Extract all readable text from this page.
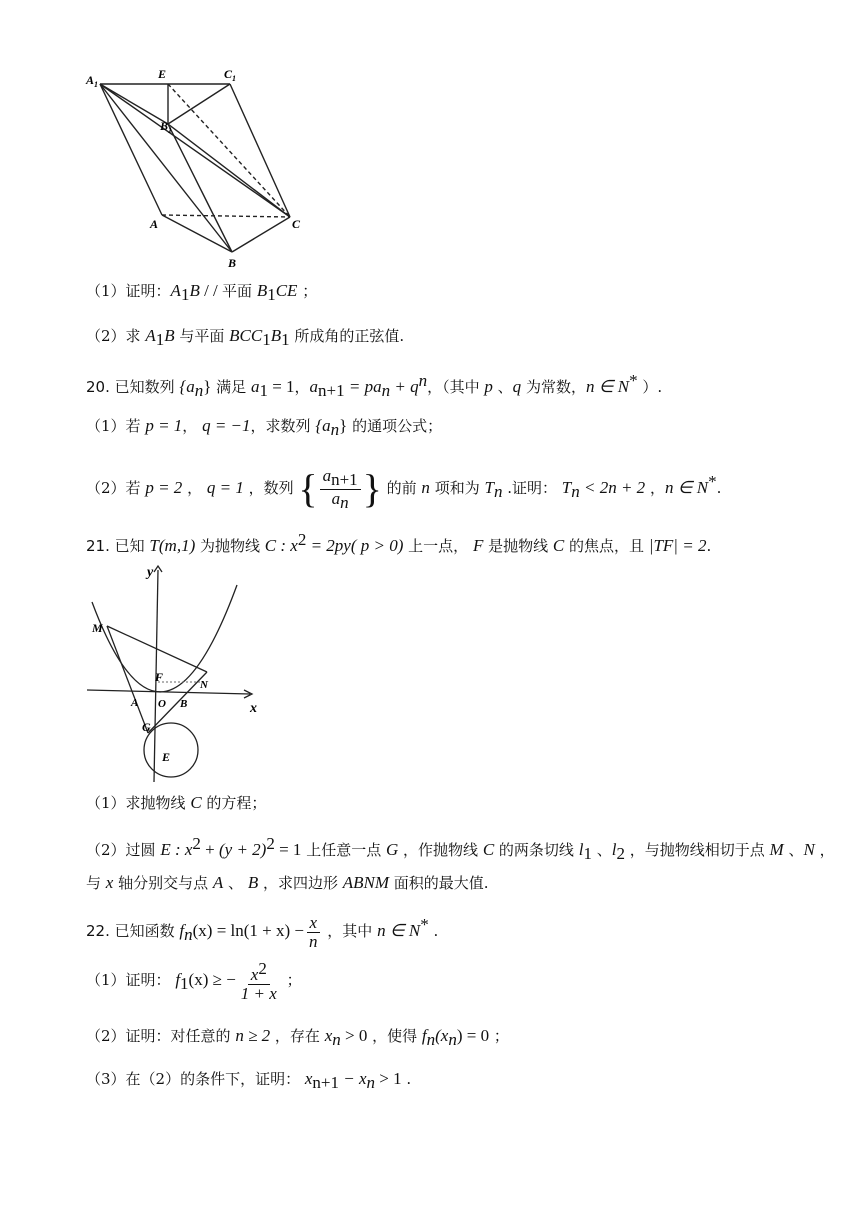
$A_1$
E	$C_1$
$B_1$
A	C
B
（1）证明：$A_1B$ / / 平面 $B_1CE$ ；
（2）求 $A_1B$ 与平面 $BCC_1B_1$ 所成角的正弦值.
20. 已知数列 $\{a_n\}$ 满足 $a_1 = 1$，$a_{n+1} = pa_n + q^n$，（其中 p 、q 为常数，n ∈ N* ）.
（1）若 p = 1， q = −1，求数列 $\{a_n\}$ 的通项公式；
（2）若 p = 2 ， q = 1 ，数列 { $\frac{a_{n+1}}{a_n}$ } 的前 n 项和为 $T_n$ .证明： $T_n < 2n + 2$ ，n ∈ N*.
21. 已知 T(m,1) 为抛物线 C : $x^2 = 2py$( p > 0) 上一点， F 是抛物线 C 的焦点，且 |TF| = 2.
y
x
M
F
N
A O B
G
E
（1）求抛物线 C 的方程；
（2）过圆 E : $x^2 + (y + 2)^2 = 1$ 上任意一点 G ，作抛物线 C 的两条切线 $l_1$ 、$l_2$ ，与抛物线相切于点 M 、N ，
与 x 轴分别交与点 A 、 B ，求四边形 ABNM 面积的最大值.
22. 已知函数 $f_n(x) = \ln(1 + x) - \frac{x}{n}$ ，其中 n ∈ N* .
（1）证明： $f_1(x)$ ≥ − $\frac{x^2}{1 + x}$ ；
（2）证明：对任意的 n ≥ 2 ，存在 $x_n > 0$ ，使得 $f_n(x_n) = 0$ ；
（3）在（2）的条件下，证明： $x_{n+1} - x_n > 1$ .
